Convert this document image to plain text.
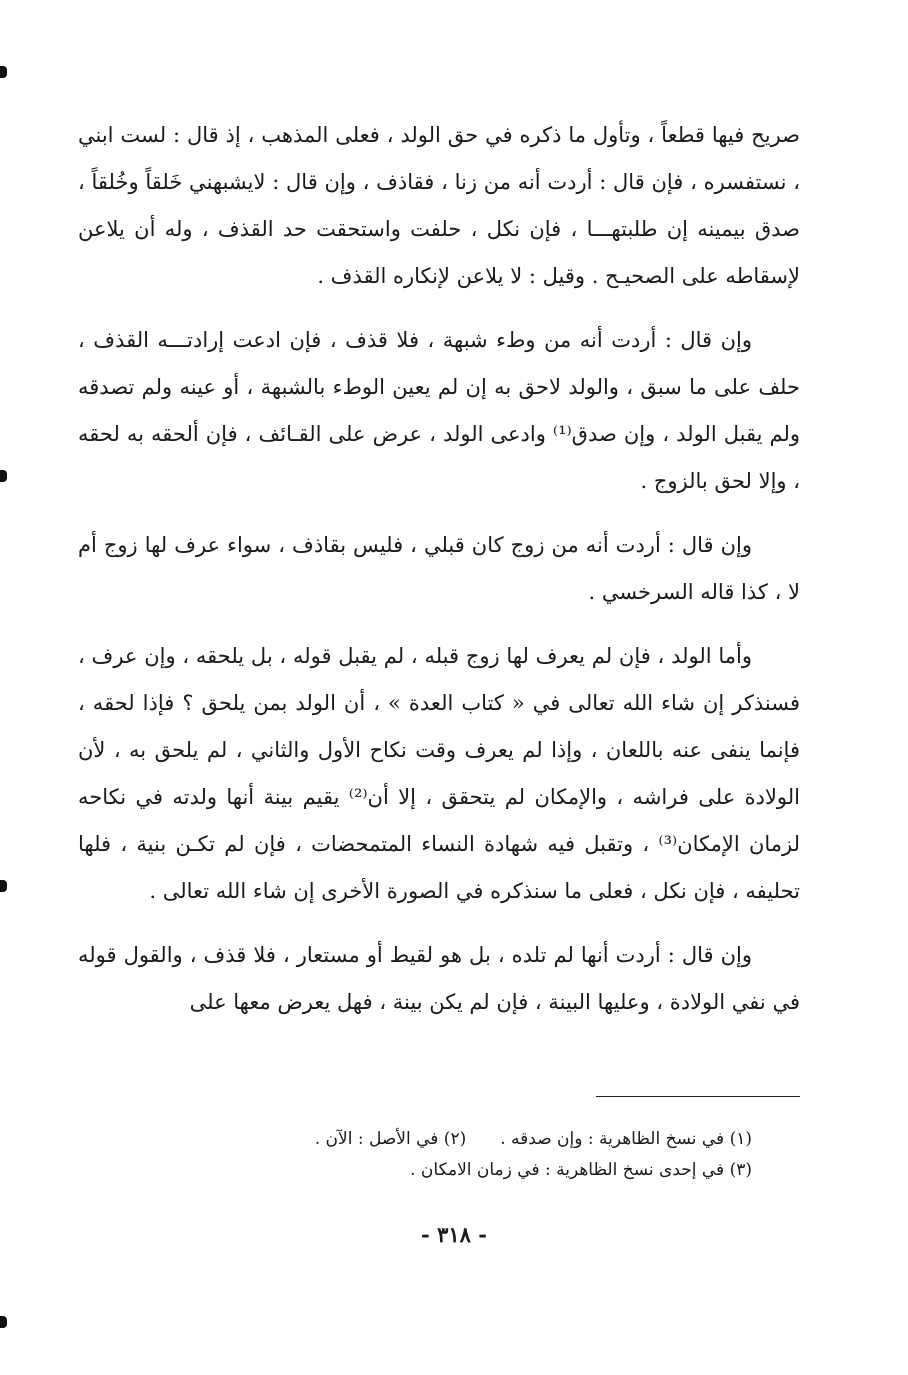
صريح فيها قطعاً ، وتأول ما ذكره في حق الولد ، فعلى المذهب ، إذ قال : لست ابني ، نستفسره ، فإن قال : أردت أنه من زنا ، فقاذف ، وإن قال : لايشبهني خَلقاً وخُلقاً ، صدق بيمينه إن طلبتهـــا ، فإن نكل ، حلفت واستحقت حد القذف ، وله أن يلاعن لإسقاطه على الصحيـح . وقيل : لا يلاعن لإنكاره القذف .

وإن قال : أردت أنه من وطء شبهة ، فلا قذف ، فإن ادعت إرادتـــه القذف ، حلف على ما سبق ، والولد لاحق به إن لم يعين الوطء بالشبهة ، أو عينه ولم تصدقه ولم يقبل الولد ، وإن صدق⁽¹⁾ وادعى الولد ، عرض على القـائف ، فإن ألحقه به لحقه ، وإلا لحق بالزوج .

وإن قال : أردت أنه من زوج كان قبلي ، فليس بقاذف ، سواء عرف لها زوج أم لا ، كذا قاله السرخسي .

وأما الولد ، فإن لم يعرف لها زوج قبله ، لم يقبل قوله ، بل يلحقه ، وإن عرف ، فسنذكر إن شاء الله تعالى في « كتاب العدة » ، أن الولد بمن يلحق ؟ فإذا لحقه ، فإنما ينفى عنه باللعان ، وإذا لم يعرف وقت نكاح الأول والثاني ، لم يلحق به ، لأن الولادة على فراشه ، والإمكان لم يتحقق ، إلا أن⁽²⁾ يقيم بينة أنها ولدته في نكاحه لزمان الإمكان⁽³⁾ ، وتقبل فيه شهادة النساء المتمحضات ، فإن لم تكـن بنية ، فلها تحليفه ، فإن نكل ، فعلى ما سنذكره في الصورة الأخرى إن شاء الله تعالى .

وإن قال : أردت أنها لم تلده ، بل هو لقيط أو مستعار ، فلا قذف ، والقول قوله في نفي الولادة ، وعليها البينة ، فإن لم يكن بينة ، فهل يعرض معها على

(١) في نسخ الظاهرية : وإن صدقه .(٢) في الأصل : الآن .
(٣) في إحدى نسخ الظاهرية : في زمان الامكان .
- ٣١٨ -
